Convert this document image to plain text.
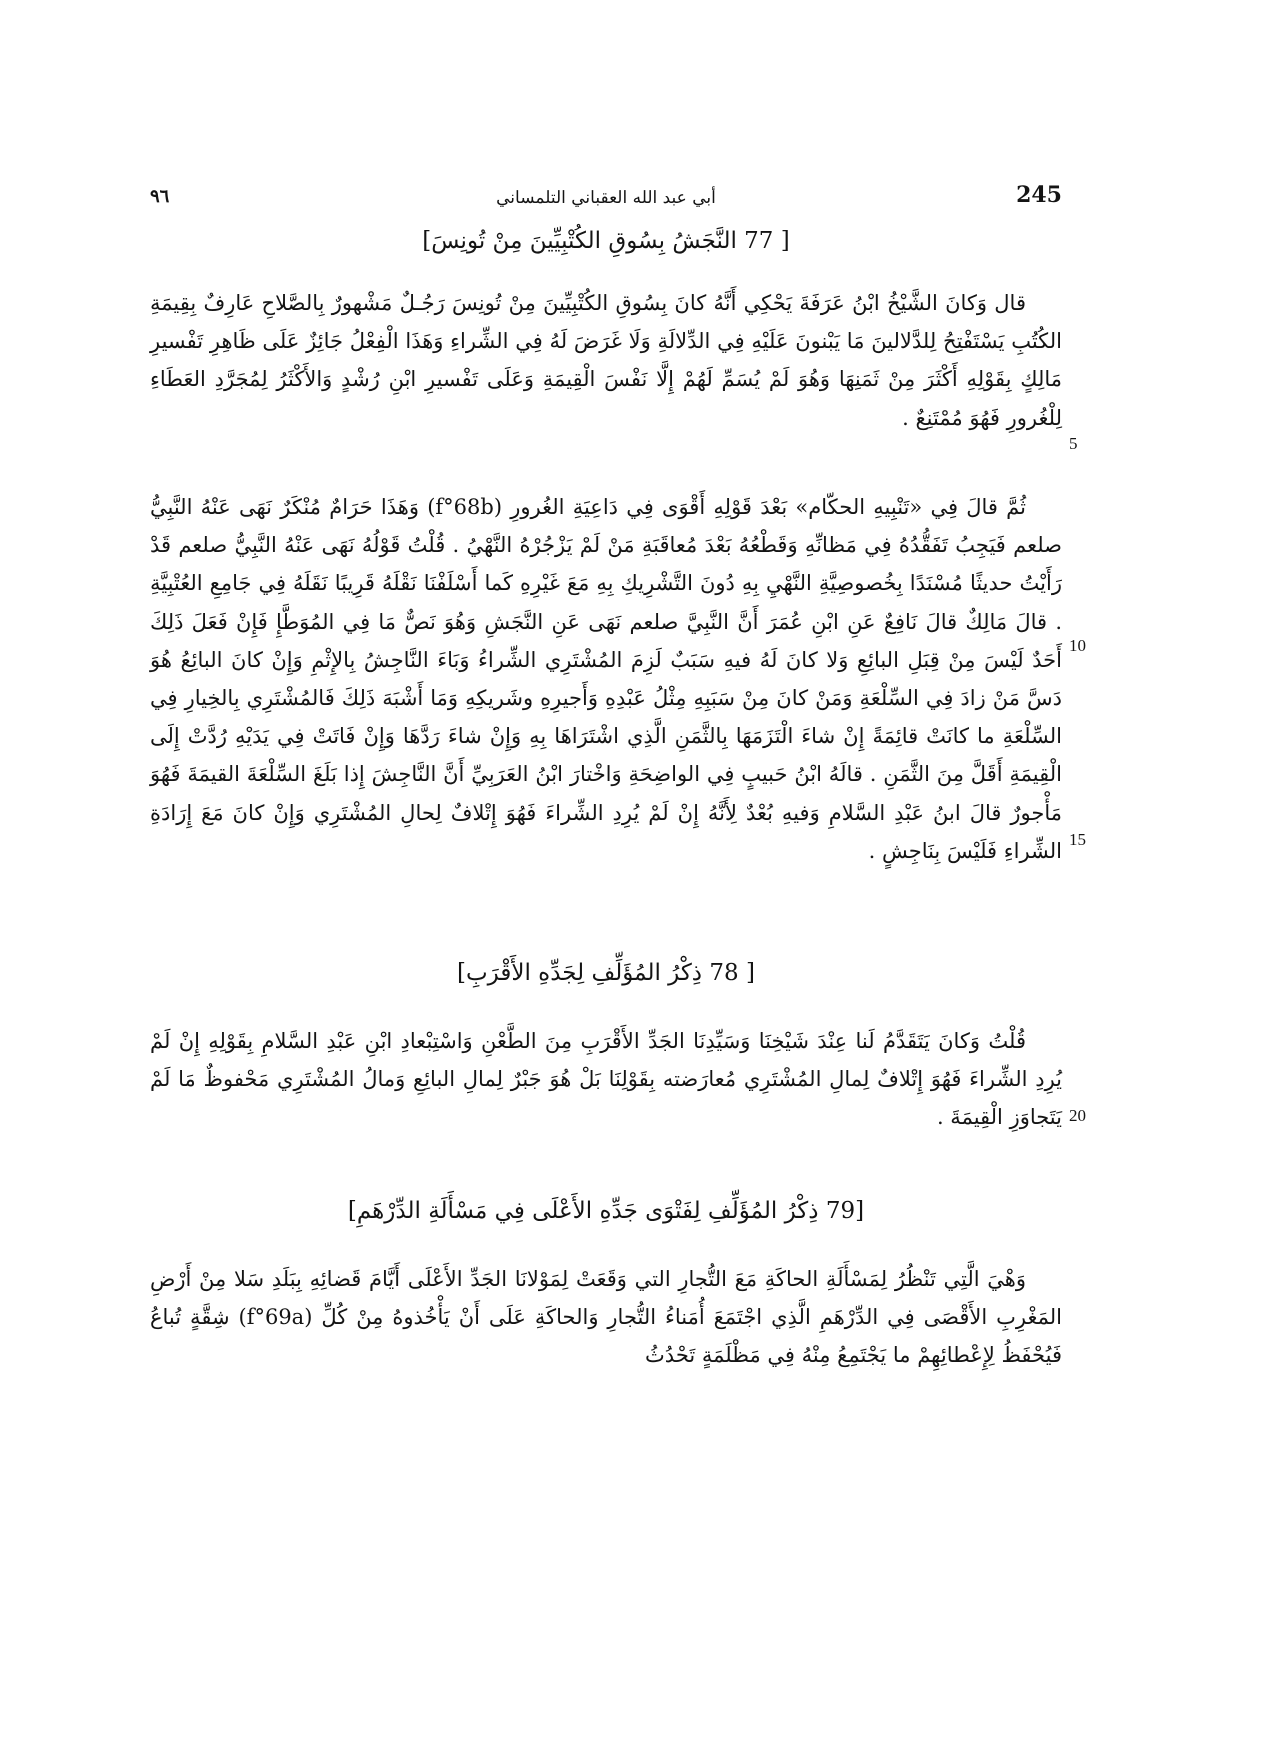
٩٦	أبي عبد الله العقباني التلمساني	245
[ 77 النَّجَشُ بِسُوقِ الكُتْبِيِّينَ مِنْ تُونِسَ]

قال وَكانَ الشَّيْخُ ابْنُ عَرَفَةَ يَحْكِي أَنَّهُ كانَ بِسُوقِ الكُتْبِيِّينَ مِنْ تُونِسَ رَجُـلٌ مَشْهورٌ بِالصَّلاحِ عَارِفٌ بِقِيمَةِ الكُتُبِ يَسْتَفْتِحُ لِلدَّلالينَ مَا يَبْنونَ عَلَيْهِ فِي الدِّلالَةِ وَلَا غَرَضَ لَهُ فِي الشِّراءِ وَهَذَا الْفِعْلُ جَائِزٌ عَلَى ظَاهِرِ تَفْسيرِ مَالِكٍ بِقَوْلِهِ أَكْثَرَ مِنْ ثَمَنِهَا وَهُوَ لَمْ يُسَمِّ لَهُمْ إِلَّا نَفْسَ الْقِيمَةِ وَعَلَى تَفْسيرِ ابْنِ رُشْدٍ وَالأَكْثَرُ لِمُجَرَّدِ العَطَاءِ لِلْغُرورِ فَهُوَ مُمْتَنِعٌ .

ثُمَّ قالَ فِي «تَنْبِيهِ الحكّام» بَعْدَ قَوْلِهِ أَقْوَى فِي دَاعِيَةِ الغُرورِ (f°68b) وَهَذَا حَرَامٌ مُنْكَرٌ نَهَى عَنْهُ النَّبِيُّ صلعم فَيَجِبُ تَفَقُّدُهُ فِي مَظانِّهِ وَقَطْعُهُ بَعْدَ مُعاقَبَةِ مَنْ لَمْ يَزْجُرْهُ النَّهْيُ . قُلْتُ قَوْلُهُ نَهَى عَنْهُ النَّبِيُّ صلعم قَدْ رَأَيْتُ حديثًا مُسْنَدًا بِخُصوصِيَّةِ النَّهْيِ بِهِ دُونَ التَّشْرِيكِ بِهِ مَعَ غَيْرِهِ كَما أَسْلَفْنَا نَقْلَهُ قَرِيبًا نَقَلَهُ فِي جَامِعِ العُتْبِيَّةِ . قالَ مَالِكٌ قالَ نَافِعٌ عَنِ ابْنِ عُمَرَ أَنَّ النَّبِيَّ صلعم نَهَى عَنِ النَّجَشِ وَهُوَ نَصٌّ مَا فِي المُوَطَّإِ فَإِنْ فَعَلَ ذَلِكَ أَحَدٌ لَيْسَ مِنْ قِبَلِ البائِعِ وَلا كانَ لَهُ فيهِ سَبَبٌ لَزِمَ المُشْتَرِي الشِّراءُ وَبَاءَ النَّاجِشُ بِالإِثْمِ وَإِنْ كانَ البائِعُ هُوَ دَسَّ مَنْ زادَ فِي السِّلْعَةِ وَمَنْ كانَ مِنْ سَبَبِهِ مِثْلُ عَبْدِهِ وَأَجيرِهِ وشَريكِهِ وَمَا أَشْبَهَ ذَلِكَ فَالمُشْتَرِي بِالخِيارِ فِي السِّلْعَةِ ما كانَتْ قائِمَةً إِنْ شاءَ الْتَزَمَهَا بِالثَّمَنِ الَّذِي اشْتَرَاهَا بِهِ وَإِنْ شاءَ رَدَّهَا وَإِنْ فَاتَتْ فِي يَدَيْهِ رُدَّتْ إِلَى الْقِيمَةِ أَقَلَّ مِنَ الثَّمَنِ . قالَهُ ابْنُ حَبيبٍ فِي الواضِحَةِ وَاخْتارَ ابْنُ العَرَبِيِّ أَنَّ النَّاجِشَ إِذا بَلَغَ السِّلْعَةَ القيمَةَ فَهُوَ مَأْجورٌ قالَ ابنُ عَبْدِ السَّلامِ وَفيهِ بُعْدٌ لِأَنَّهُ إِنْ لَمْ يُرِدِ الشِّراءَ فَهُوَ إِتْلافٌ لِحالِ المُشْتَرِي وَإِنْ كانَ مَعَ إِرَادَةِ الشِّراءِ فَلَيْسَ بِنَاجِشٍ .

[ 78 ذِكْرُ المُؤَلِّفِ لِجَدِّهِ الأَقْرَبِ]

قُلْتُ وَكانَ يَتَقَدَّمُ لَنا عِنْدَ شَيْخِنَا وَسَيِّدِنَا الجَدِّ الأَقْرَبِ مِنَ الطَّعْنِ وَاسْتِبْعادِ ابْنِ عَبْدِ السَّلامِ بِقَوْلِهِ إِنْ لَمْ يُرِدِ الشِّراءَ فَهُوَ إِتْلافٌ لِمالِ المُشْتَرِي مُعارَضته بِقَوْلِنَا بَلْ هُوَ جَبْرٌ لِمالِ البائِعِ وَمالُ المُشْتَرِي مَحْفوظٌ مَا لَمْ يَتَجاوَزِ الْقِيمَةَ .

[79 ذِكْرُ المُؤَلِّفِ لِفَتْوَى جَدِّهِ الأَعْلَى فِي مَسْأَلَةِ الدِّرْهَمِ]

وَهْيَ الَّتِي تَنْظُرُ لِمَسْأَلَةِ الحاكَةِ مَعَ التُّجارِ التي وَقَعَتْ لِمَوْلانَا الجَدِّ الأَعْلَى أَيَّامَ قَضائِهِ بِبَلَدِ سَلا مِنْ أَرْضِ المَغْرِبِ الأَقْصَى فِي الدِّرْهَمِ الَّذِي اجْتَمَعَ أُمَناءُ التُّجارِ وَالحاكَةِ عَلَى أَنْ يَأْخُذوهُ مِنْ كُلِّ (f°69a) شِقَّةٍ تُباعُ فَيُحْفَظُ لِإِعْطائِهِمْ ما يَجْتَمِعُ مِنْهُ فِي مَظْلَمَةٍ تَحْدُثُ

5
10
15
20
